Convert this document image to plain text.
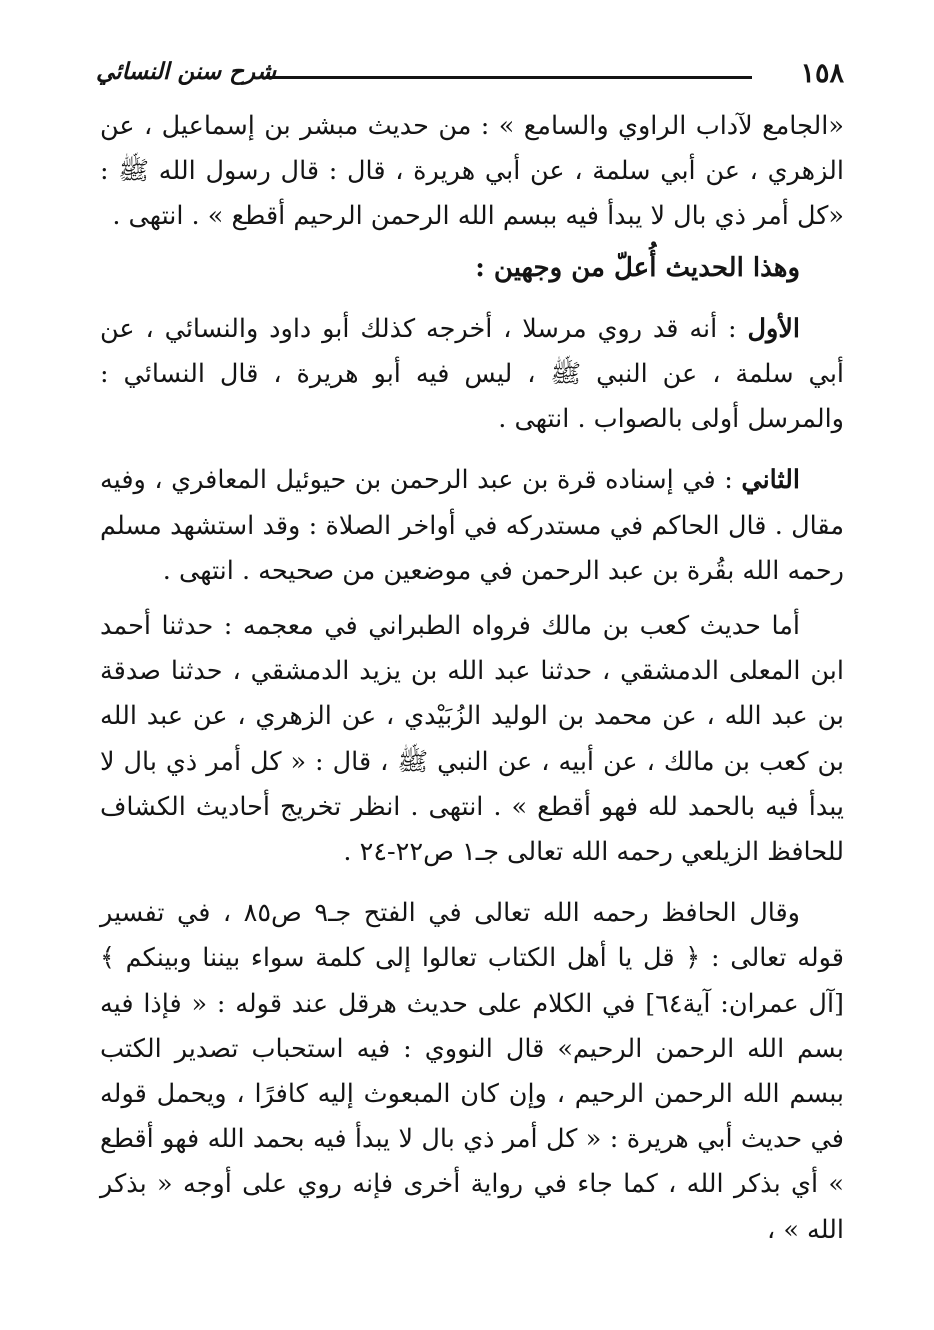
١٥٨
شرح سنن النسائي

«الجامع لآداب الراوي والسامع » : من حديث مبشر بن إسماعيل ، عن الزهري ، عن أبي سلمة ، عن أبي هريرة ، قال : قال رسول الله ﷺ : «كل أمر ذي بال لا يبدأ فيه ببسم الله الرحمن الرحيم أقطع » . انتهى .

وهذا الحديث أُعلّ من وجهين :

الأول : أنه قد روي مرسلا ، أخرجه كذلك أبو داود والنسائي ، عن أبي سلمة ، عن النبي ﷺ ، ليس فيه أبو هريرة ، قال النسائي : والمرسل أولى بالصواب . انتهى .

الثاني : في إسناده قرة بن عبد الرحمن بن حيوئيل المعافري ، وفيه مقال . قال الحاكم في مستدركه في أواخر الصلاة : وقد استشهد مسلم رحمه الله بقُرة بن عبد الرحمن في موضعين من صحيحه . انتهى .

أما حديث كعب بن مالك فرواه الطبراني في معجمه : حدثنا أحمد ابن المعلى الدمشقي ، حدثنا عبد الله بن يزيد الدمشقي ، حدثنا صدقة بن عبد الله ، عن محمد بن الوليد الزُبَيْدي ، عن الزهري ، عن عبد الله بن كعب بن مالك ، عن أبيه ، عن النبي ﷺ ، قال : « كل أمر ذي بال لا يبدأ فيه بالحمد لله فهو أقطع » . انتهى . انظر تخريج أحاديث الكشاف للحافظ الزيلعي رحمه الله تعالى جـ١ ص٢٢-٢٤ .

وقال الحافظ رحمه الله تعالى في الفتح جـ٩ ص٨٥ ، في تفسير قوله تعالى : ﴿ قل يا أهل الكتاب تعالوا إلى كلمة سواء بيننا وبينكم ﴾ [آل عمران: آية٦٤] في الكلام على حديث هرقل عند قوله : « فإذا فيه بسم الله الرحمن الرحيم» قال النووي : فيه استحباب تصدير الكتب ببسم الله الرحمن الرحيم ، وإن كان المبعوث إليه كافرًا ، ويحمل قوله في حديث أبي هريرة : « كل أمر ذي بال لا يبدأ فيه بحمد الله فهو أقطع » أي بذكر الله ، كما جاء في رواية أخرى فإنه روي على أوجه « بذكر الله » ،
